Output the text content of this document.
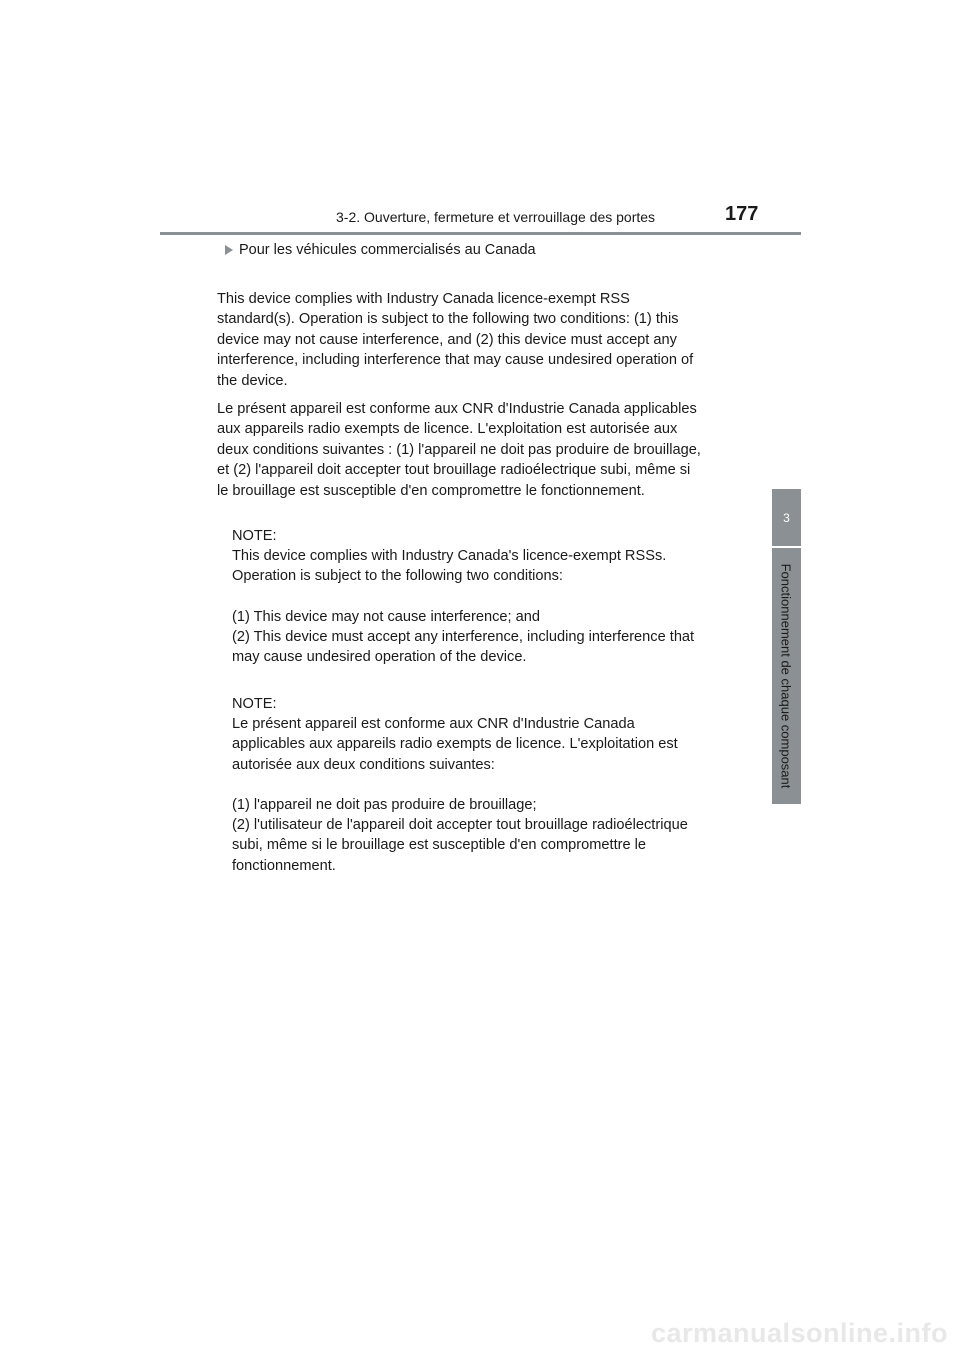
3-2. Ouverture, fermeture et verrouillage des portes	177
Pour les véhicules commercialisés au Canada

This device complies with Industry Canada licence-exempt RSS
standard(s). Operation is subject to the following two conditions: (1) this
device may not cause interference, and (2) this device must accept any
interference, including interference that may cause undesired operation of
the device.

Le présent appareil est conforme aux CNR d'Industrie Canada applicables
aux appareils radio exempts de licence. L'exploitation est autorisée aux
deux conditions suivantes : (1) l'appareil ne doit pas produire de brouillage,
et (2) l'appareil doit accepter tout brouillage radioélectrique subi, même si
le brouillage est susceptible d'en compromettre le fonctionnement.

NOTE:
This device complies with Industry Canada's licence-exempt RSSs.
Operation is subject to the following two conditions:

(1) This device may not cause interference; and
(2) This device must accept any interference, including interference that
may cause undesired operation of the device.

NOTE:
Le présent appareil est conforme aux CNR d'Industrie Canada
applicables aux appareils radio exempts de licence. L'exploitation est
autorisée aux deux conditions suivantes:

(1) l'appareil ne doit pas produire de brouillage;
(2) l'utilisateur de l'appareil doit accepter tout brouillage radioélectrique
subi, même si le brouillage est susceptible d'en compromettre le
fonctionnement.

3
Fonctionnement de chaque composant
carmanualsonline.info
